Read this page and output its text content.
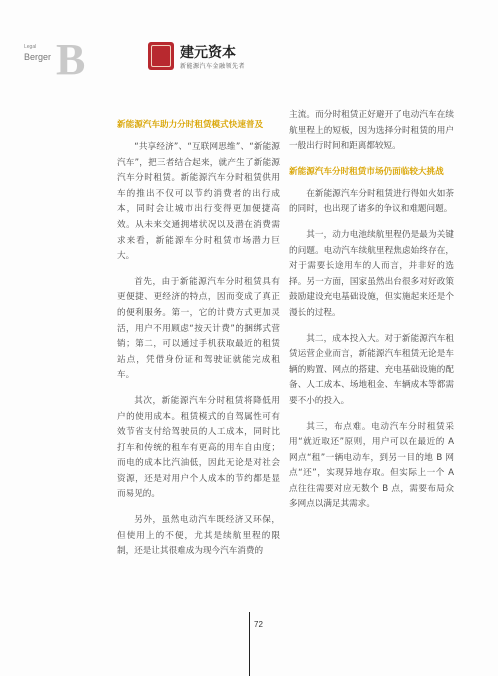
Legal
Berger B	建元资本
新能源汽车金融领先者
新能源汽车助力分时租赁模式快速普及

“共享经济”、“互联网思维”、“新能源汽车”，把三者结合起来，就产生了新能源汽车分时租赁。新能源汽车分时租赁供用车的推出不仅可以节约消费者的出行成本，同时会让城市出行变得更加便捷高效。从未来交通拥堵状况以及潜在消费需求来看，新能源车分时租赁市场潜力巨大。

首先，由于新能源汽车分时租赁具有更便捷、更经济的特点，因而变成了真正的便利服务。第一，它的计费方式更加灵活，用户不用顾虑“按天计费”的捆绑式营销；第二，可以通过手机获取最近的租赁站点，凭借身份证和驾驶证就能完成租车。

其次，新能源汽车分时租赁将降低用户的使用成本。租赁模式的自驾属性可有效节省支付给驾驶员的人工成本，同时比打车和传统的租车有更高的用车自由度；而电的成本比汽油低，因此无论是对社会资源，还是对用户个人成本的节约都是显而易见的。

另外，虽然电动汽车既经济又环保，但使用上的不便，尤其是续航里程的限制，还是让其很难成为现今汽车消费的

主流。而分时租赁正好避开了电动汽车在续航里程上的短板，因为选择分时租赁的用户一般出行时间和距离都较短。

新能源汽车分时租赁市场仍面临较大挑战

在新能源汽车分时租赁进行得如火如荼的同时，也出现了诸多的争议和难题问题。

其一，动力电池续航里程仍是最为关键的问题。电动汽车续航里程焦虑始终存在，对于需要长途用车的人而言，并非好的选择。另一方面，国家虽然出台很多对好政策鼓励建设充电基础设施，但实施起来还是个漫长的过程。

其二，成本投入大。对于新能源汽车租赁运营企业而言，新能源汽车租赁无论是车辆的购置、网点的搭建、充电基础设施的配备、人工成本、场地租金、车辆成本等都需要不小的投入。

其三，布点难。电动汽车分时租赁采用“就近取还”原则，用户可以在最近的 A 网点“租”一辆电动车，到另一目的地 B 网点“还”，实现异地存取。但实际上一个 A 点往往需要对应无数个 B 点，需要布局众多网点以满足其需求。

72
